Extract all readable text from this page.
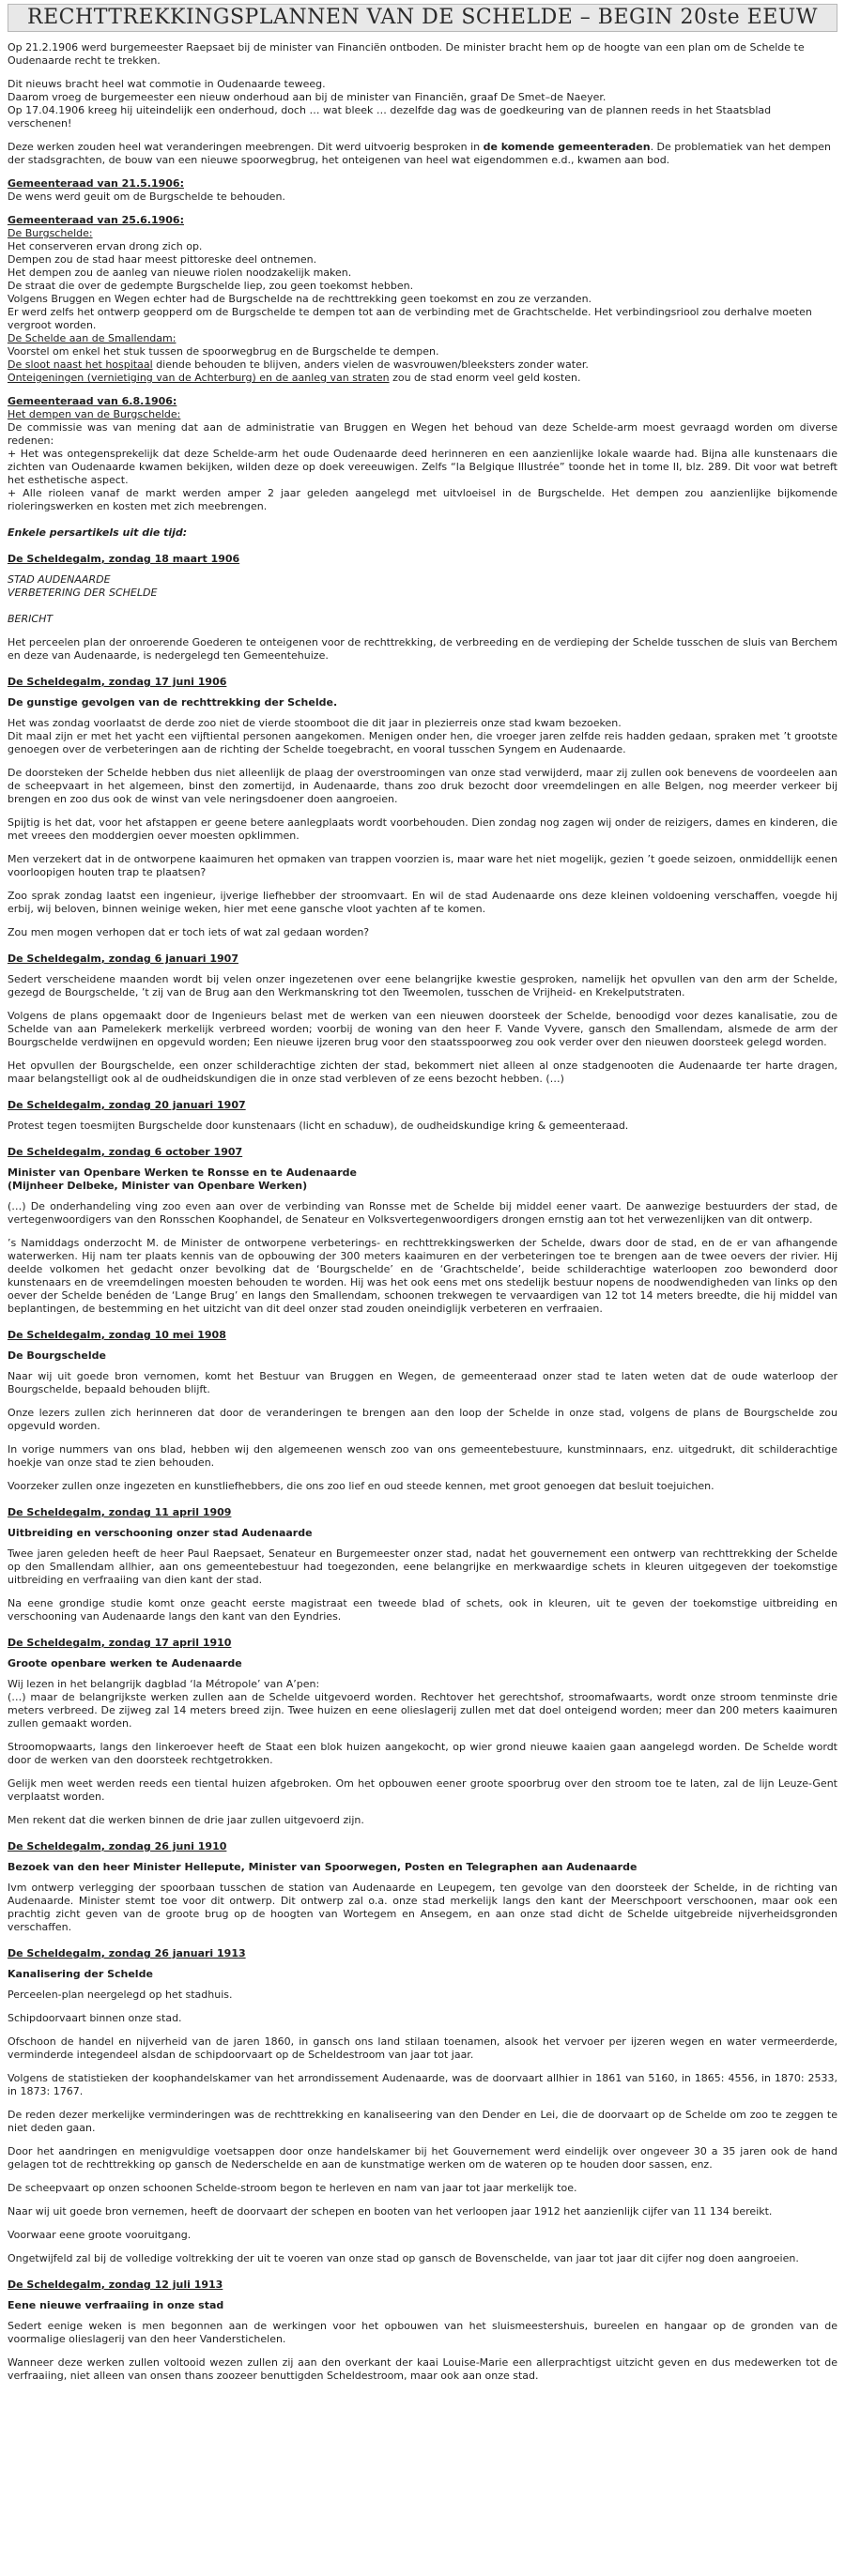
RECHTTREKKINGSPLANNEN VAN DE SCHELDE – BEGIN 20ste EEUW

Op 21.2.1906 werd burgemeester Raepsaet bij de minister van Financiën ontboden. De minister bracht hem op de hoogte van een plan om de Schelde te Oudenaarde recht te trekken.

Dit nieuws bracht heel wat commotie in Oudenaarde teweeg.
Daarom vroeg de burgemeester een nieuw onderhoud aan bij de minister van Financiën, graaf De Smet–de Naeyer.
Op 17.04.1906 kreeg hij uiteindelijk een onderhoud, doch … wat bleek … dezelfde dag was de goedkeuring van de plannen reeds in het Staatsblad verschenen!

Deze werken zouden heel wat veranderingen meebrengen. Dit werd uitvoerig besproken in de komende gemeenteraden. De problematiek van het dempen der stadsgrachten, de bouw van een nieuwe spoorwegbrug, het onteigenen van heel wat eigendommen e.d., kwamen aan bod.

Gemeenteraad van 21.5.1906:
De wens werd geuit om de Burgschelde te behouden.
Gemeenteraad van 25.6.1906:
De Burgschelde:
Het conserveren ervan drong zich op.
Dempen zou de stad haar meest pittoreske deel ontnemen.
Het dempen zou de aanleg van nieuwe riolen noodzakelijk maken.
De straat die over de gedempte Burgschelde liep, zou geen toekomst hebben.
Volgens Bruggen en Wegen echter had de Burgschelde na de rechttrekking geen toekomst en zou ze verzanden.
Er werd zelfs het ontwerp geopperd om de Burgschelde te dempen tot aan de verbinding met de Grachtschelde. Het verbindingsriool zou derhalve moeten vergroot worden.
De Schelde aan de Smallendam:
Voorstel om enkel het stuk tussen de spoorwegbrug en de Burgschelde te dempen.
De sloot naast het hospitaal diende behouden te blijven, anders vielen de wasvrouwen/bleeksters zonder water.
Onteigeningen (vernietiging van de Achterburg) en de aanleg van straten zou de stad enorm veel geld kosten.
Gemeenteraad van 6.8.1906:
Het dempen van de Burgschelde:
De commissie was van mening dat aan de administratie van Bruggen en Wegen het behoud van deze Schelde-arm moest gevraagd worden om diverse redenen:
+ Het was ontegensprekelijk dat deze Schelde-arm het oude Oudenaarde deed herinneren en een aanzienlijke lokale waarde had. Bijna alle kunstenaars die zichten van Oudenaarde kwamen bekijken, wilden deze op doek vereeuwigen. Zelfs “la Belgique Illustrée” toonde het in tome II, blz. 289. Dit voor wat betreft het esthetische aspect.
+ Alle rioleen vanaf de markt werden amper 2 jaar geleden aangelegd met uitvloeisel in de Burgschelde. Het dempen zou aanzienlijke bijkomende rioleringswerken en kosten met zich meebrengen.
Enkele persartikels uit die tijd:
De Scheldegalm, zondag 18 maart 1906
STAD AUDENAARDE
VERBETERING DER SCHELDE
BERICHT

Het perceelen plan der onroerende Goederen te onteigenen voor de rechttrekking, de verbreeding en de verdieping der Schelde tusschen de sluis van Berchem en deze van Audenaarde, is nedergelegd ten Gemeentehuize.

De Scheldegalm, zondag 17 juni 1906
De gunstige gevolgen van de rechttrekking der Schelde.

Het was zondag voorlaatst de derde zoo niet de vierde stoomboot die dit jaar in plezierreis onze stad kwam bezoeken.
Dit maal zijn er met het yacht een vijftiental personen aangekomen. Menigen onder hen, die vroeger jaren zelfde reis hadden gedaan, spraken met ’t grootste genoegen over de verbeteringen aan de richting der Schelde toegebracht, en vooral tusschen Syngem en Audenaarde.

De doorsteken der Schelde hebben dus niet alleenlijk de plaag der overstroomingen van onze stad verwijderd, maar zij zullen ook benevens de voordeelen aan de scheepvaart in het algemeen, binst den zomertijd, in Audenaarde, thans zoo druk bezocht door vreemdelingen en alle Belgen, nog meerder verkeer bij brengen en zoo dus ook de winst van vele neringsdoener doen aangroeien.

Spijtig is het dat, voor het afstappen er geene betere aanlegplaats wordt voorbehouden. Dien zondag nog zagen wij onder de reizigers, dames en kinderen, die met vreees den moddergien oever moesten opklimmen.

Men verzekert dat in de ontworpene kaaimuren het opmaken van trappen voorzien is, maar ware het niet mogelijk, gezien ’t goede seizoen, onmiddellijk eenen voorloopigen houten trap te plaatsen?

Zoo sprak zondag laatst een ingenieur, ijverige liefhebber der stroomvaart. En wil de stad Audenaarde ons deze kleinen voldoening verschaffen, voegde hij erbij, wij beloven, binnen weinige weken, hier met eene gansche vloot yachten af te komen.

Zou men mogen verhopen dat er toch iets of wat zal gedaan worden?

De Scheldegalm, zondag 6 januari 1907

Sedert verscheidene maanden wordt bij velen onzer ingezetenen over eene belangrijke kwestie gesproken, namelijk het opvullen van den arm der Schelde, gezegd de Bourgschelde, ’t zij van de Brug aan den Werkmanskring tot den Tweemolen, tusschen de Vrijheid- en Krekelputstraten.

Volgens de plans opgemaakt door de Ingenieurs belast met de werken van een nieuwen doorsteek der Schelde, benoodigd voor dezes kanalisatie, zou de Schelde van aan Pamelekerk merkelijk verbreed worden; voorbij de woning van den heer F. Vande Vyvere, gansch den Smallendam, alsmede de arm der Bourgschelde verdwijnen en opgevuld worden; Een nieuwe ijzeren brug voor den staatsspoorweg zou ook verder over den nieuwen doorsteek gelegd worden.

Het opvullen der Bourgschelde, een onzer schilderachtige zichten der stad, bekommert niet alleen al onze stadgenooten die Audenaarde ter harte dragen, maar belangstelligt ook al de oudheidskundigen die in onze stad verbleven of ze eens bezocht hebben. (…)

De Scheldegalm, zondag 20 januari 1907

Protest tegen toesmijten Burgschelde door kunstenaars (licht en schaduw), de oudheidskundige kring & gemeenteraad.

De Scheldegalm, zondag 6 october 1907
Minister van Openbare Werken te Ronsse en te Audenaarde
(Mijnheer Delbeke, Minister van Openbare Werken)

(…) De onderhandeling ving zoo even aan over de verbinding van Ronsse met de Schelde bij middel eener vaart. De aanwezige bestuurders der stad, de vertegenwoordigers van den Ronsschen Koophandel, de Senateur en Volksvertegenwoordigers drongen ernstig aan tot het verwezenlijken van dit ontwerp.

’s Namiddags onderzocht M. de Minister de ontworpene verbeterings- en rechttrekkingswerken der Schelde, dwars door de stad, en de er van afhangende waterwerken. Hij nam ter plaats kennis van de opbouwing der 300 meters kaaimuren en der verbeteringen toe te brengen aan de twee oevers der rivier. Hij deelde volkomen het gedacht onzer bevolking dat de ‘Bourgschelde’ en de ‘Grachtschelde’, beide schilderachtige waterloopen zoo bewonderd door kunstenaars en de vreemdelingen moesten behouden te worden. Hij was het ook eens met ons stedelijk bestuur nopens de noodwendigheden van links op den oever der Schelde benéden de ‘Lange Brug’ en langs den Smallendam, schoonen trekwegen te vervaardigen van 12 tot 14 meters breedte, die hij middel van beplantingen, de bestemming en het uitzicht van dit deel onzer stad zouden oneindiglijk verbeteren en verfraaien.

De Scheldegalm, zondag 10 mei 1908
De Bourgschelde

Naar wij uit goede bron vernomen, komt het Bestuur van Bruggen en Wegen, de gemeenteraad onzer stad te laten weten dat de oude waterloop der Bourgschelde, bepaald behouden blijft.

Onze lezers zullen zich herinneren dat door de veranderingen te brengen aan den loop der Schelde in onze stad, volgens de plans de Bourgschelde zou opgevuld worden.

In vorige nummers van ons blad, hebben wij den algemeenen wensch zoo van ons gemeentebestuure, kunstminnaars, enz. uitgedrukt, dit schilderachtige hoekje van onze stad te zien behouden.

Voorzeker zullen onze ingezeten en kunstliefhebbers, die ons zoo lief en oud steede kennen, met groot genoegen dat besluit toejuichen.

De Scheldegalm, zondag 11 april 1909
Uitbreiding en verschooning onzer stad Audenaarde

Twee jaren geleden heeft de heer Paul Raepsaet, Senateur en Burgemeester onzer stad, nadat het gouvernement een ontwerp van rechttrekking der Schelde op den Smallendam allhier, aan ons gemeentebestuur had toegezonden, eene belangrijke en merkwaardige schets in kleuren uitgegeven der toekomstige uitbreiding en verfraaiing van dien kant der stad.

Na eene grondige studie komt onze geacht eerste magistraat een tweede blad of schets, ook in kleuren, uit te geven der toekomstige uitbreiding en verschooning van Audenaarde langs den kant van den Eyndries.

De Scheldegalm, zondag 17 april 1910
Groote openbare werken te Audenaarde

Wij lezen in het belangrijk dagblad ‘la Métropole’ van A’pen:
(…) maar de belangrijkste werken zullen aan de Schelde uitgevoerd worden. Rechtover het gerechtshof, stroomafwaarts, wordt onze stroom tenminste drie meters verbreed. De zijweg zal 14 meters breed zijn. Twee huizen en eene olieslagerij zullen met dat doel onteigend worden; meer dan 200 meters kaaimuren zullen gemaakt worden.

Stroomopwaarts, langs den linkeroever heeft de Staat een blok huizen aangekocht, op wier grond nieuwe kaaien gaan aangelegd worden. De Schelde wordt door de werken van den doorsteek rechtgetrokken.

Gelijk men weet werden reeds een tiental huizen afgebroken. Om het opbouwen eener groote spoorbrug over den stroom toe te laten, zal de lijn Leuze-Gent verplaatst worden.

Men rekent dat die werken binnen de drie jaar zullen uitgevoerd zijn.

De Scheldegalm, zondag 26 juni 1910
Bezoek van den heer Minister Hellepute, Minister van Spoorwegen, Posten en Telegraphen aan Audenaarde

Ivm ontwerp verlegging der spoorbaan tusschen de station van Audenaarde en Leupegem, ten gevolge van den doorsteek der Schelde, in de richting van Audenaarde. Minister stemt toe voor dit ontwerp. Dit ontwerp zal o.a. onze stad merkelijk langs den kant der Meerschpoort verschoonen, maar ook een prachtig zicht geven van de groote brug op de hoogten van Wortegem en Ansegem, en aan onze stad dicht de Schelde uitgebreide nijverheidsgronden verschaffen.

De Scheldegalm, zondag 26 januari 1913
Kanalisering der Schelde

Perceelen-plan neergelegd op het stadhuis.

Schipdoorvaart binnen onze stad.

Ofschoon de handel en nijverheid van de jaren 1860, in gansch ons land stilaan toenamen, alsook het vervoer per ijzeren wegen en water vermeerderde, verminderde integendeel alsdan de schipdoorvaart op de Scheldestroom van jaar tot jaar.

Volgens de statistieken der koophandelskamer van het arrondissement Audenaarde, was de doorvaart allhier in 1861 van 5160, in 1865: 4556, in 1870: 2533, in 1873: 1767.

De reden dezer merkelijke verminderingen was de rechttrekking en kanaliseering van den Dender en Lei, die de doorvaart op de Schelde om zoo te zeggen te niet deden gaan.

Door het aandringen en menigvuldige voetsappen door onze handelskamer bij het Gouvernement werd eindelijk over ongeveer 30 a 35 jaren ook de hand gelagen tot de rechttrekking op gansch de Nederschelde en aan de kunstmatige werken om de wateren op te houden door sassen, enz.

De scheepvaart op onzen schoonen Schelde-stroom begon te herleven en nam van jaar tot jaar merkelijk toe.

Naar wij uit goede bron vernemen, heeft de doorvaart der schepen en booten van het verloopen jaar 1912 het aanzienlijk cijfer van 11 134 bereikt.

Voorwaar eene groote vooruitgang.

Ongetwijfeld zal bij de volledige voltrekking der uit te voeren van onze stad op gansch de Bovenschelde, van jaar tot jaar dit cijfer nog doen aangroeien.

De Scheldegalm, zondag 12 juli 1913
Eene nieuwe verfraaiing in onze stad

Sedert eenige weken is men begonnen aan de werkingen voor het opbouwen van het sluismeestershuis, bureelen en hangaar op de gronden van de voormalige olieslagerij van den heer Vanderstichelen.

Wanneer deze werken zullen voltooid wezen zullen zij aan den overkant der kaai Louise-Marie een allerprachtigst uitzicht geven en dus medewerken tot de verfraaiing, niet alleen van onsen thans zoozeer benuttigden Scheldestroom, maar ook aan onze stad.
